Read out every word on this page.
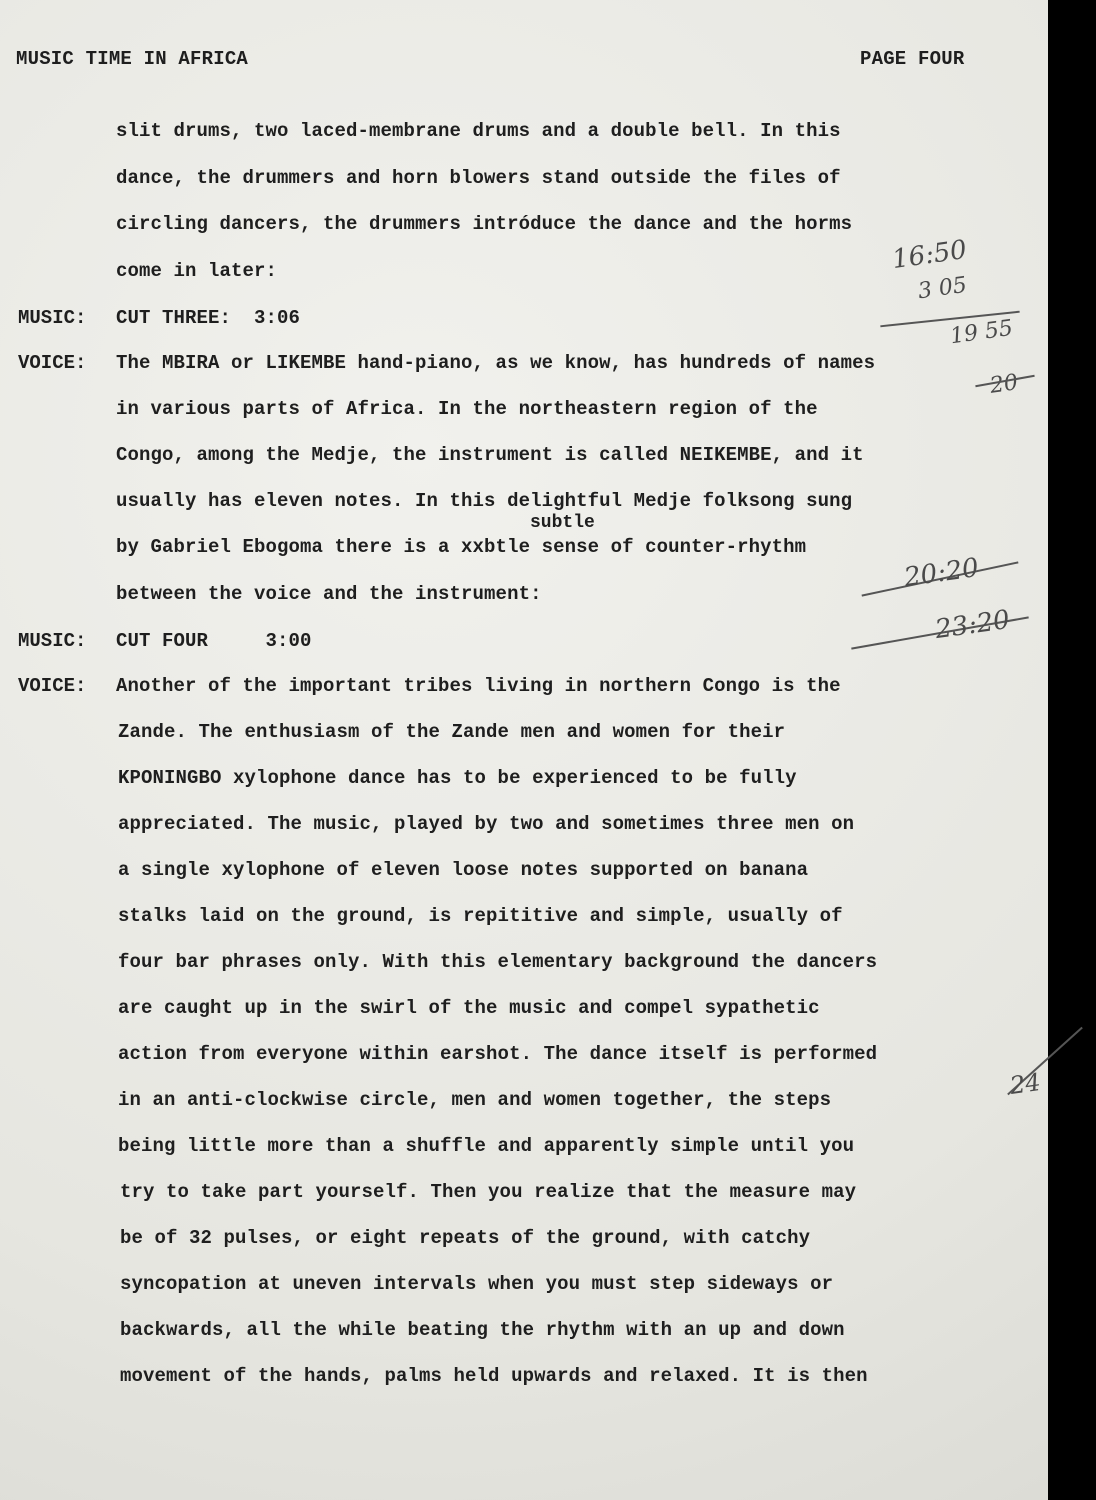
MUSIC TIME IN AFRICA	PAGE FOUR
slit drums, two laced-membrane drums and a double bell. In this
dance, the drummers and horn blowers stand outside the files of
circling dancers, the drummers intróduce the dance and the horms
come in later:
MUSIC: CUT THREE:  3:06
VOICE: The MBIRA or LIKEMBE hand-piano, as we know, has hundreds of names
in various parts of Africa. In the northeastern region of the
Congo, among the Medje, the instrument is called NEIKEMBE, and it
usually has eleven notes. In this delightful Medje folksong sung
subtle
by Gabriel Ebogoma there is a xxbtle sense of counter-rhythm
between the voice and the instrument:
MUSIC: CUT FOUR     3:00
VOICE: Another of the important tribes living in northern Congo is the
Zande. The enthusiasm of the Zande men and women for their
KPONINGBO xylophone dance has to be experienced to be fully
appreciated. The music, played by two and sometimes three men on
a single xylophone of eleven loose notes supported on banana
stalks laid on the ground, is repititive and simple, usually of
four bar phrases only. With this elementary background the dancers
are caught up in the swirl of the music and compel sypathetic
action from everyone within earshot. The dance itself is performed
in an anti-clockwise circle, men and women together, the steps
being little more than a shuffle and apparently simple until you
try to take part yourself. Then you realize that the measure may
be of 32 pulses, or eight repeats of the ground, with catchy
syncopation at uneven intervals when you must step sideways or
backwards, all the while beating the rhythm with an up and down
movement of the hands, palms held upwards and relaxed. It is then
16:50
3 05
19 55
20
20:20
23:20
24
